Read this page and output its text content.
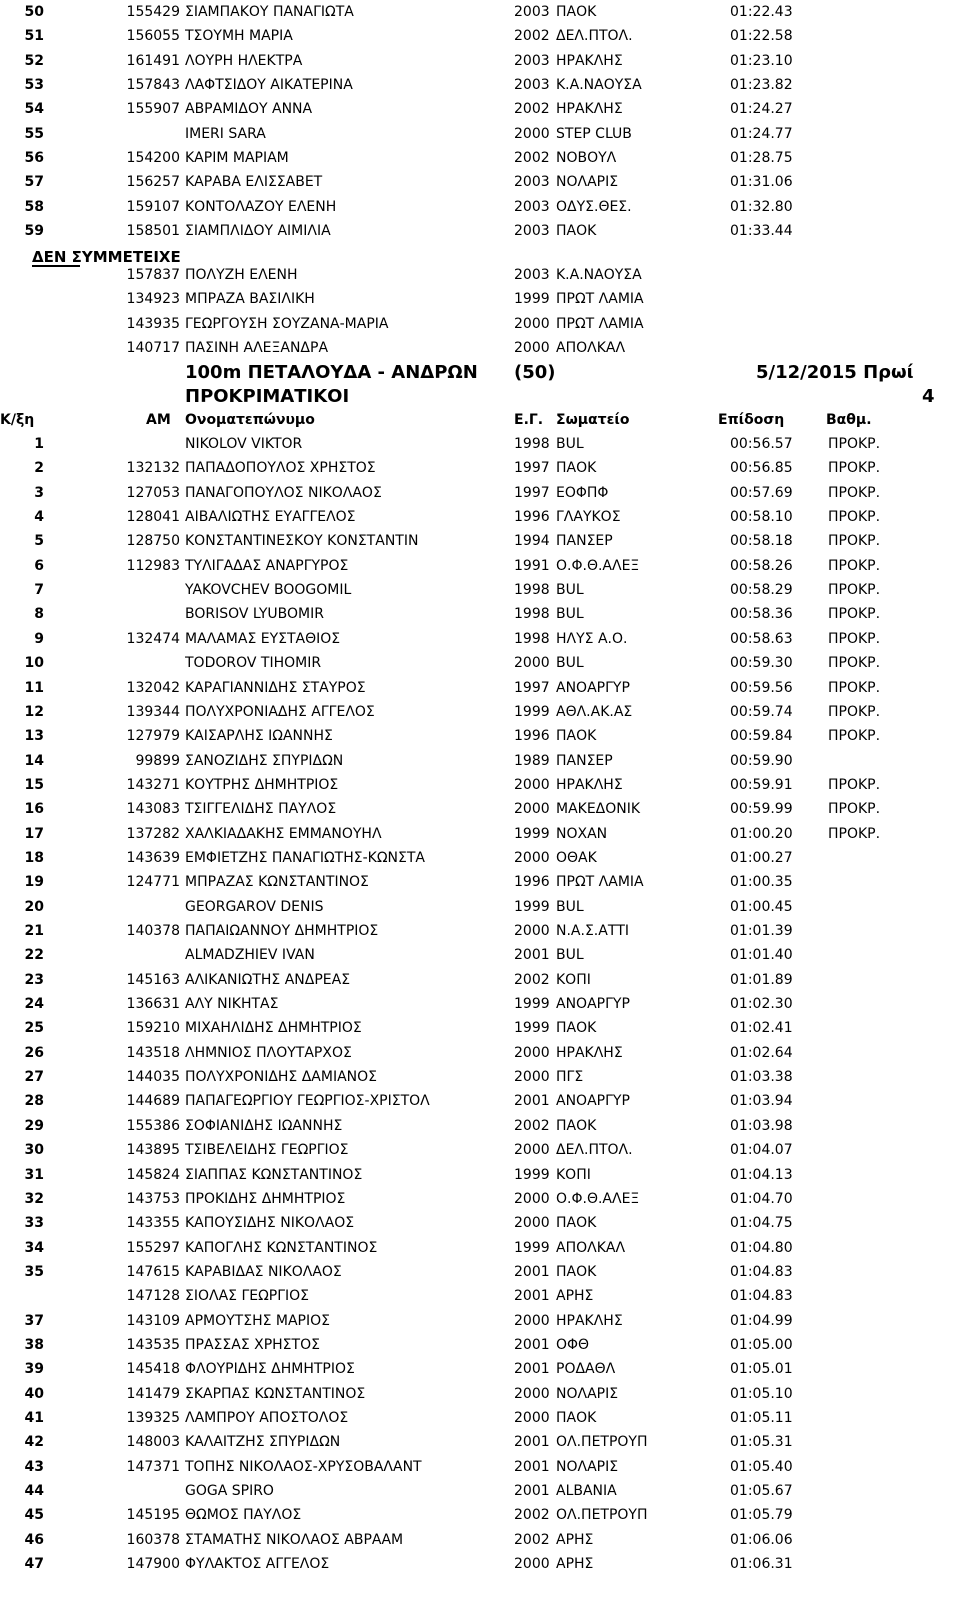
50	155429 ΣΙΑΜΠΑΚΟΥ ΠΑΝΑΓΙΩΤΑ	2003 ΠΑΟΚ	01:22.43
51	156055 ΤΣΟΥΜΗ ΜΑΡΙΑ	2002 ΔΕΛ.ΠΤΟΛ.	01:22.58
52	161491 ΛΟΥΡΗ ΗΛΕΚΤΡΑ	2003 ΗΡΑΚΛΗΣ	01:23.10
53	157843 ΛΑΦΤΣΙΔΟΥ ΑΙΚΑΤΕΡΙΝΑ	2003 Κ.Α.ΝΑΟΥΣΑ	01:23.82
54	155907 ΑΒΡΑΜΙΔΟΥ ΑΝΝΑ	2002 ΗΡΑΚΛΗΣ	01:24.27
55	IMERI SARA	2000 STEP CLUB	01:24.77
56	154200 ΚΑΡΙΜ ΜΑΡΙΑΜ	2002 ΝΟΒΟΥΛ	01:28.75
57	156257 ΚΑΡΑΒΑ ΕΛΙΣΣΑΒΕΤ	2003 ΝΟΛΑΡΙΣ	01:31.06
58	159107 ΚΟΝΤΟΛΑΖΟΥ ΕΛΕΝΗ	2003 ΟΔΥΣ.ΘΕΣ.	01:32.80
59	158501 ΣΙΑΜΠΛΙΔΟΥ ΑΙΜΙΛΙΑ	2003 ΠΑΟΚ	01:33.44
ΔΕΝ ΣΥΜΜΕΤΕΙΧΕ
157837 ΠΟΛΥΖΗ ΕΛΕΝΗ	2003 Κ.Α.ΝΑΟΥΣΑ
134923 ΜΠΡΑΖΑ ΒΑΣΙΛΙΚΗ	1999 ΠΡΩΤ ΛΑΜΙΑ
143935 ΓΕΩΡΓΟΥΣΗ ΣΟΥΖΑΝΑ-ΜΑΡΙΑ	2000 ΠΡΩΤ ΛΑΜΙΑ
140717 ΠΑΣΙΝΗ ΑΛΕΞΑΝΔΡΑ	2000 ΑΠΟΛΚΑΛ
100m ΠΕΤΑΛΟΥΔΑ - ΑΝΔΡΩΝ (50)	5/12/2015 Πρωί
ΠΡΟΚΡΙΜΑΤΙΚΟΙ	4
Κ/ξη	ΑΜ Ονοματεπώνυμο	Ε.Γ. Σωματείο	Επίδοση	Βαθμ.
1	NIKOLOV VIKTOR	1998 BUL	00:56.57	ΠΡΟΚΡ.
2	132132 ΠΑΠΑΔΟΠΟΥΛΟΣ ΧΡΗΣΤΟΣ	1997 ΠΑΟΚ	00:56.85	ΠΡΟΚΡ.
3	127053 ΠΑΝΑΓΟΠΟΥΛΟΣ ΝΙΚΟΛΑΟΣ	1997 ΕΟΦΠΦ	00:57.69	ΠΡΟΚΡ.
4	128041 ΑΙΒΑΛΙΩΤΗΣ ΕΥΑΓΓΕΛΟΣ	1996 ΓΛΑΥΚΟΣ	00:58.10	ΠΡΟΚΡ.
5	128750 ΚΟΝΣΤΑΝΤΙΝΕΣΚΟΥ ΚΟΝΣΤΑΝΤΙΝ	1994 ΠΑΝΣΕΡ	00:58.18	ΠΡΟΚΡ.
6	112983 ΤΥΛΙΓΑΔΑΣ ΑΝΑΡΓΥΡΟΣ	1991 Ο.Φ.Θ.ΑΛΕΞ	00:58.26	ΠΡΟΚΡ.
7	YAKOVCHEV BOOGOMIL	1998 BUL	00:58.29	ΠΡΟΚΡ.
8	BORISOV LYUBOMIR	1998 BUL	00:58.36	ΠΡΟΚΡ.
9	132474 ΜΑΛΑΜΑΣ ΕΥΣΤΑΘΙΟΣ	1998 ΗΛΥΣ Α.Ο.	00:58.63	ΠΡΟΚΡ.
10	TODOROV TIHOMIR	2000 BUL	00:59.30	ΠΡΟΚΡ.
11	132042 ΚΑΡΑΓΙΑΝΝΙΔΗΣ ΣΤΑΥΡΟΣ	1997 ΑΝΟΑΡΓΥΡ	00:59.56	ΠΡΟΚΡ.
12	139344 ΠΟΛΥΧΡΟΝΙΑΔΗΣ ΑΓΓΕΛΟΣ	1999 ΑΘΛ.ΑΚ.ΑΣ	00:59.74	ΠΡΟΚΡ.
13	127979 ΚΑΙΣΑΡΛΗΣ ΙΩΑΝΝΗΣ	1996 ΠΑΟΚ	00:59.84	ΠΡΟΚΡ.
14	99899 ΣΑΝΟΖΙΔΗΣ ΣΠΥΡΙΔΩΝ	1989 ΠΑΝΣΕΡ	00:59.90
15	143271 ΚΟΥΤΡΗΣ ΔΗΜΗΤΡΙΟΣ	2000 ΗΡΑΚΛΗΣ	00:59.91	ΠΡΟΚΡ.
16	143083 ΤΣΙΓΓΕΛΙΔΗΣ ΠΑΥΛΟΣ	2000 ΜΑΚΕΔΟΝΙΚ	00:59.99	ΠΡΟΚΡ.
17	137282 ΧΑΛΚΙΑΔΑΚΗΣ ΕΜΜΑΝΟΥΗΛ	1999 ΝΟΧΑΝ	01:00.20	ΠΡΟΚΡ.
18	143639 ΕΜΦΙΕΤΖΗΣ ΠΑΝΑΓΙΩΤΗΣ-ΚΩΝΣΤΑ	2000 ΟΘΑΚ	01:00.27
19	124771 ΜΠΡΑΖΑΣ ΚΩΝΣΤΑΝΤΙΝΟΣ	1996 ΠΡΩΤ ΛΑΜΙΑ	01:00.35
20	GEORGAROV DENIS	1999 BUL	01:00.45
21	140378 ΠΑΠΑΙΩΑΝΝΟΥ ΔΗΜΗΤΡΙΟΣ	2000 Ν.Α.Σ.ΑΤΤΙ	01:01.39
22	ALMADZHIEV IVAN	2001 BUL	01:01.40
23	145163 ΑΛΙΚΑΝΙΩΤΗΣ ΑΝΔΡΕΑΣ	2002 ΚΟΠΙ	01:01.89
24	136631 ΑΛΥ ΝΙΚΗΤΑΣ	1999 ΑΝΟΑΡΓΥΡ	01:02.30
25	159210 ΜΙΧΑΗΛΙΔΗΣ ΔΗΜΗΤΡΙΟΣ	1999 ΠΑΟΚ	01:02.41
26	143518 ΛΗΜΝΙΟΣ ΠΛΟΥΤΑΡΧΟΣ	2000 ΗΡΑΚΛΗΣ	01:02.64
27	144035 ΠΟΛΥΧΡΟΝΙΔΗΣ ΔΑΜΙΑΝΟΣ	2000 ΠΓΣ	01:03.38
28	144689 ΠΑΠΑΓΕΩΡΓΙΟΥ ΓΕΩΡΓΙΟΣ-ΧΡΙΣΤΟΛ	2001 ΑΝΟΑΡΓΥΡ	01:03.94
29	155386 ΣΟΦΙΑΝΙΔΗΣ ΙΩΑΝΝΗΣ	2002 ΠΑΟΚ	01:03.98
30	143895 ΤΣΙΒΕΛΕΙΔΗΣ ΓΕΩΡΓΙΟΣ	2000 ΔΕΛ.ΠΤΟΛ.	01:04.07
31	145824 ΣΙΑΠΠΑΣ ΚΩΝΣΤΑΝΤΙΝΟΣ	1999 ΚΟΠΙ	01:04.13
32	143753 ΠΡΟΚΙΔΗΣ ΔΗΜΗΤΡΙΟΣ	2000 Ο.Φ.Θ.ΑΛΕΞ	01:04.70
33	143355 ΚΑΠΟΥΣΙΔΗΣ ΝΙΚΟΛΑΟΣ	2000 ΠΑΟΚ	01:04.75
34	155297 ΚΑΠΟΓΛΗΣ ΚΩΝΣΤΑΝΤΙΝΟΣ	1999 ΑΠΟΛΚΑΛ	01:04.80
35	147615 ΚΑΡΑΒΙΔΑΣ ΝΙΚΟΛΑΟΣ	2001 ΠΑΟΚ	01:04.83
147128 ΣΙΟΛΑΣ ΓΕΩΡΓΙΟΣ	2001 ΑΡΗΣ	01:04.83
37	143109 ΑΡΜΟΥΤΣΗΣ ΜΑΡΙΟΣ	2000 ΗΡΑΚΛΗΣ	01:04.99
38	143535 ΠΡΑΣΣΑΣ ΧΡΗΣΤΟΣ	2001 ΟΦΘ	01:05.00
39	145418 ΦΛΟΥΡΙΔΗΣ ΔΗΜΗΤΡΙΟΣ	2001 ΡΟΔΑΘΛ	01:05.01
40	141479 ΣΚΑΡΠΑΣ ΚΩΝΣΤΑΝΤΙΝΟΣ	2000 ΝΟΛΑΡΙΣ	01:05.10
41	139325 ΛΑΜΠΡΟΥ ΑΠΟΣΤΟΛΟΣ	2000 ΠΑΟΚ	01:05.11
42	148003 ΚΑΛΑΙΤΖΗΣ ΣΠΥΡΙΔΩΝ	2001 ΟΛ.ΠΕΤΡΟΥΠ	01:05.31
43	147371 ΤΟΠΗΣ ΝΙΚΟΛΑΟΣ-ΧΡΥΣΟΒΑΛΑΝΤ	2001 ΝΟΛΑΡΙΣ	01:05.40
44	GOGA SPIRO	2001 ALBANIA	01:05.67
45	145195 ΘΩΜΟΣ ΠΑΥΛΟΣ	2002 ΟΛ.ΠΕΤΡΟΥΠ	01:05.79
46	160378 ΣΤΑΜΑΤΗΣ ΝΙΚΟΛΑΟΣ ΑΒΡΑΑΜ	2002 ΑΡΗΣ	01:06.06
47	147900 ΦΥΛΑΚΤΟΣ ΑΓΓΕΛΟΣ	2000 ΑΡΗΣ	01:06.31
